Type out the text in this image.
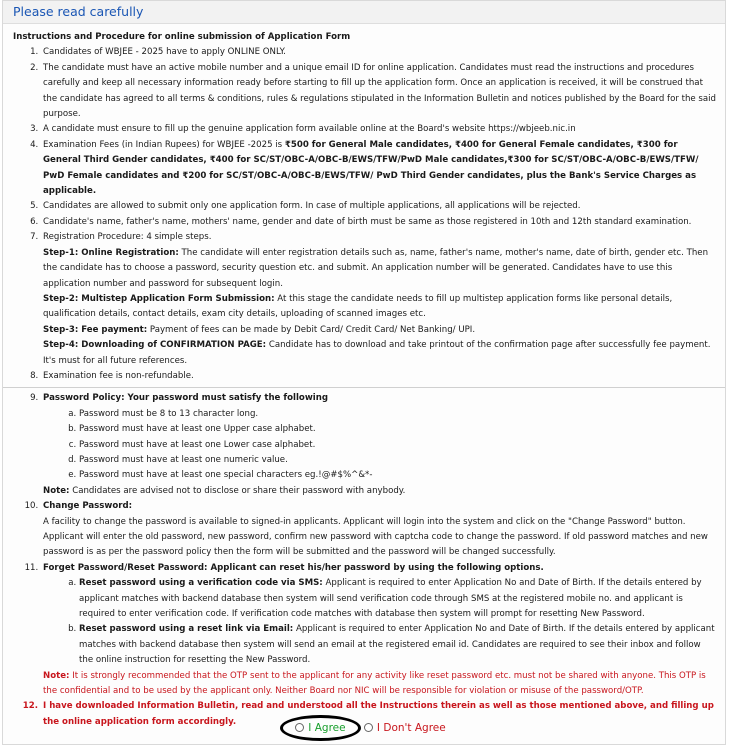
Please read carefully
Instructions and Procedure for online submission of Application Form
1. Candidates of WBJEE - 2025 have to apply ONLINE ONLY.
2. The candidate must have an active mobile number and a unique email ID for online application. Candidates must read the instructions and procedures carefully and keep all necessary information ready before starting to fill up the application form. Once an application is received, it will be construed that the candidate has agreed to all terms & conditions, rules & regulations stipulated in the Information Bulletin and notices published by the Board for the said purpose.
3. A candidate must ensure to fill up the genuine application form available online at the Board's website https://wbjeeb.nic.in
4. Examination Fees (in Indian Rupees) for WBJEE -2025 is ₹500 for General Male candidates, ₹400 for General Female candidates, ₹300 for General Third Gender candidates, ₹400 for SC/ST/OBC-A/OBC-B/EWS/TFW/PwD Male candidates,₹300 for SC/ST/OBC-A/OBC-B/EWS/TFW/ PwD Female candidates and ₹200 for SC/ST/OBC-A/OBC-B/EWS/TFW/ PwD Third Gender candidates, plus the Bank's Service Charges as applicable.
5. Candidates are allowed to submit only one application form. In case of multiple applications, all applications will be rejected.
6. Candidate's name, father's name, mothers' name, gender and date of birth must be same as those registered in 10th and 12th standard examination.
7. Registration Procedure: 4 simple steps.
Step-1: Online Registration: The candidate will enter registration details such as, name, father's name, mother's name, date of birth, gender etc. Then the candidate has to choose a password, security question etc. and submit. An application number will be generated. Candidates have to use this application number and password for subsequent login.
Step-2: Multistep Application Form Submission: At this stage the candidate needs to fill up multistep application forms like personal details, qualification details, contact details, exam city details, uploading of scanned images etc.
Step-3: Fee payment: Payment of fees can be made by Debit Card/ Credit Card/ Net Banking/ UPI.
Step-4: Downloading of CONFIRMATION PAGE: Candidate has to download and take printout of the confirmation page after successfully fee payment. It's must for all future references.
8. Examination fee is non-refundable.
9. Password Policy: Your password must satisfy the following
a. Password must be 8 to 13 character long.
b. Password must have at least one Upper case alphabet.
c. Password must have at least one Lower case alphabet.
d. Password must have at least one numeric value.
e. Password must have at least one special characters eg.!@#$%^&*-
Note: Candidates are advised not to disclose or share their password with anybody.
10. Change Password:
A facility to change the password is available to signed-in applicants. Applicant will login into the system and click on the "Change Password" button. Applicant will enter the old password, new password, confirm new password with captcha code to change the password. If old password matches and new password is as per the password policy then the form will be submitted and the password will be changed successfully.
11. Forget Password/Reset Password: Applicant can reset his/her password by using the following options.
a. Reset password using a verification code via SMS: Applicant is required to enter Application No and Date of Birth. If the details entered by applicant matches with backend database then system will send verification code through SMS at the registered mobile no. and applicant is required to enter verification code. If verification code matches with database then system will prompt for resetting New Password.
b. Reset password using a reset link via Email: Applicant is required to enter Application No and Date of Birth. If the details entered by applicant matches with backend database then system will send an email at the registered email id. Candidates are required to see their inbox and follow the online instruction for resetting the New Password.
Note: It is strongly recommended that the OTP sent to the applicant for any activity like reset password etc. must not be shared with anyone. This OTP is the confidential and to be used by the applicant only. Neither Board nor NIC will be responsible for violation or misuse of the password/OTP.
12. I have downloaded Information Bulletin, read and understood all the Instructions therein as well as those mentioned above, and filling up the online application form accordingly.
I Agree	I Don't Agree
